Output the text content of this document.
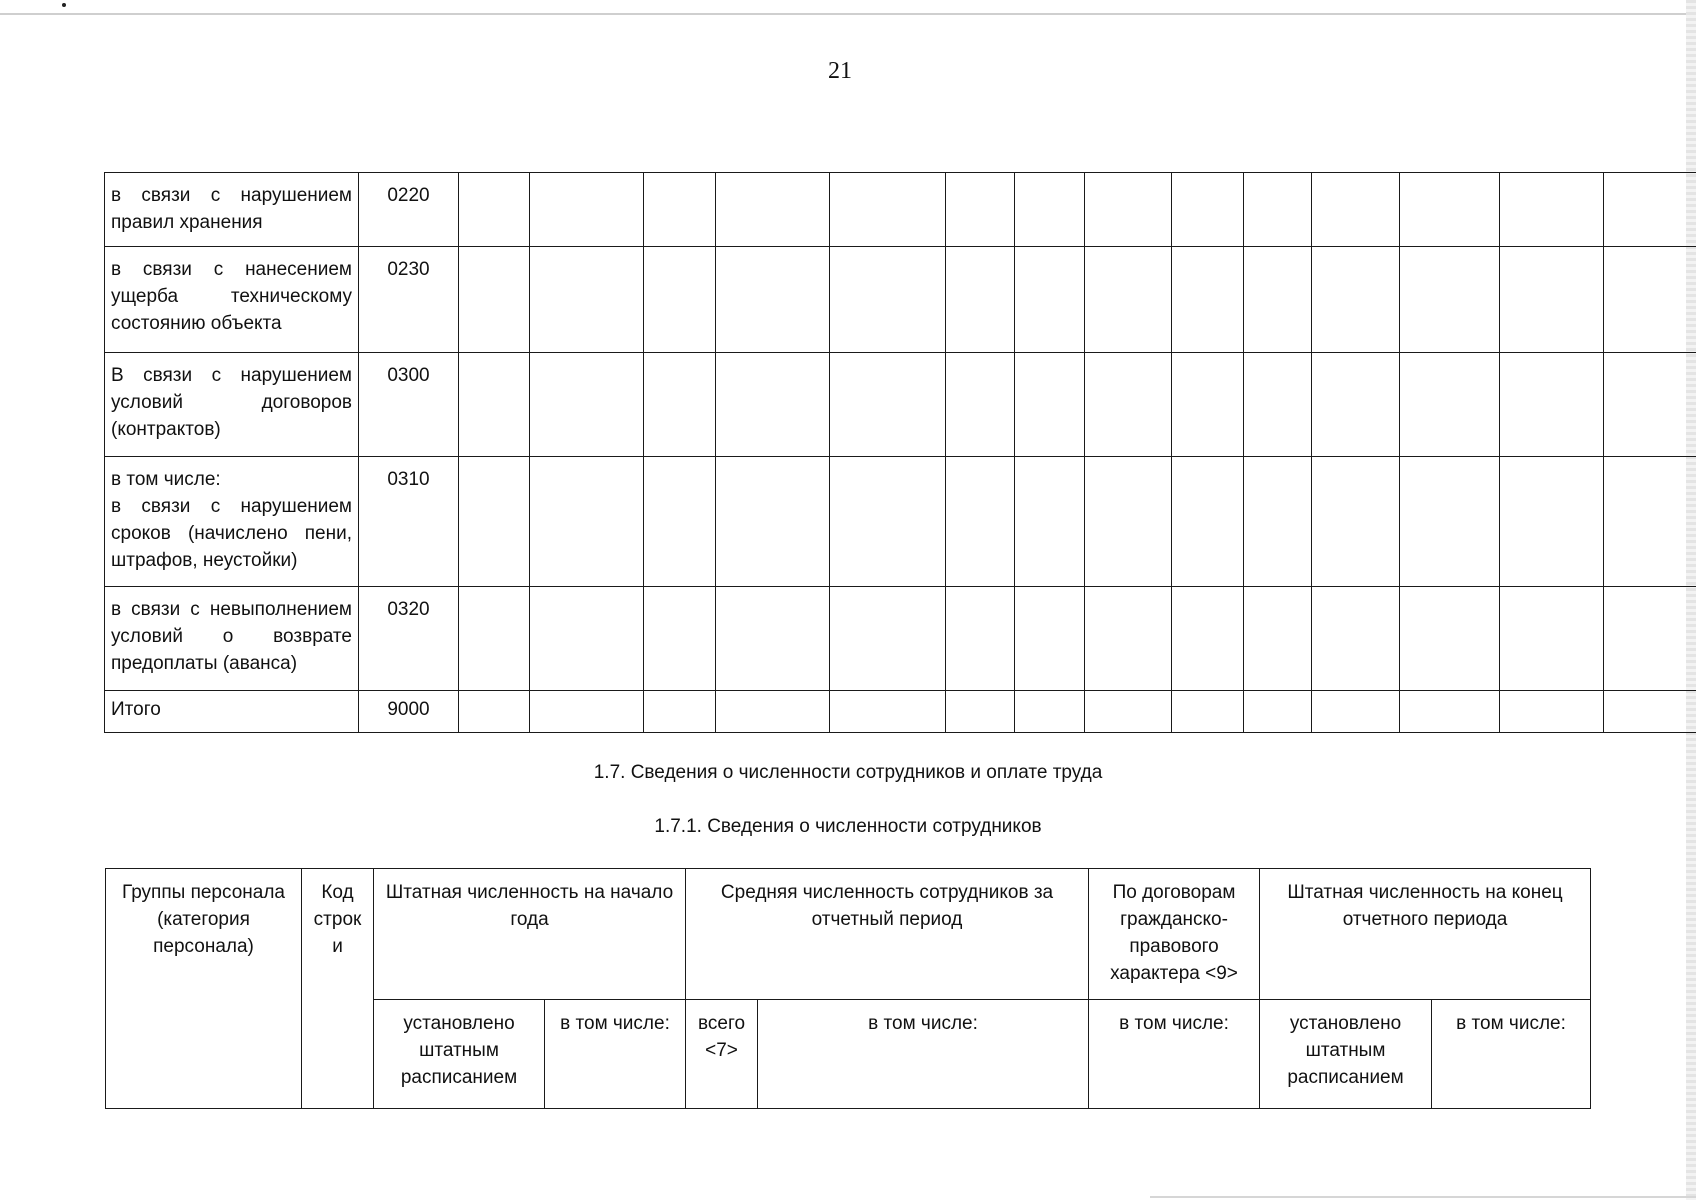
21
в связи с нарушением правил хранения	0220														
в связи с нанесением ущерба техническому состоянию объекта	0230														
В связи с нарушением условий договоров (контрактов)	0300														

в том числе:
в связи с нарушением сроков (начислено пени, штрафов, неустойки)	0310														
в связи с невыполнением условий о возврате предоплаты (аванса)	0320														
Итого	9000														
1.7. Сведения о численности сотрудников и оплате труда
1.7.1. Сведения о численности сотрудников
Группы персонала (категория персонала)	Код строк и	Штатная численность на начало года		Средняя численность сотрудников за отчетный период		По договорам гражданско-правового характера <9>	Штатная численность на конец отчетного периода	
		установлено штатным расписанием	в том числе:	всего <7>	в том числе:	в том числе:	установлено штатным расписанием	в том числе:
